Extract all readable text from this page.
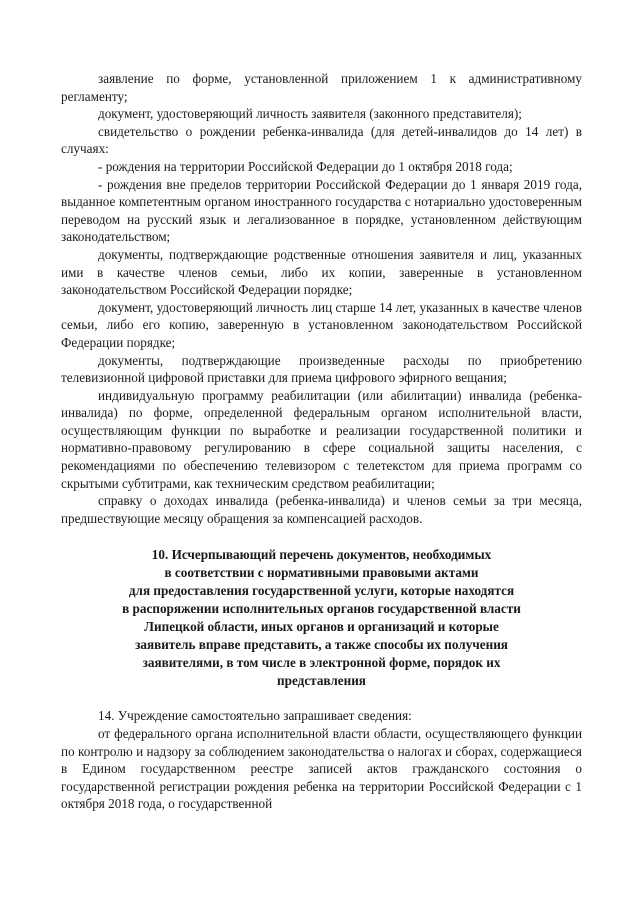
заявление по форме, установленной приложением 1 к административному регламенту;

документ, удостоверяющий личность заявителя (законного представителя);

свидетельство о рождении ребенка-инвалида (для детей-инвалидов до 14 лет) в случаях:

- рождения на территории Российской Федерации до 1 октября 2018 года;

- рождения вне пределов территории Российской Федерации до 1 января 2019 года, выданное компетентным органом иностранного государства с нотариально удостоверенным переводом на русский язык и легализованное в порядке, установленном действующим законодательством;

документы, подтверждающие родственные отношения заявителя и лиц, указанных ими в качестве членов семьи, либо их копии, заверенные в установленном законодательством Российской Федерации порядке;

документ, удостоверяющий личность лиц старше 14 лет, указанных в качестве членов семьи, либо его копию, заверенную в установленном законодательством Российской Федерации порядке;

документы, подтверждающие произведенные расходы по приобретению телевизионной цифровой приставки для приема цифрового эфирного вещания;

индивидуальную программу реабилитации (или абилитации) инвалида (ребенка-инвалида) по форме, определенной федеральным органом исполнительной власти, осуществляющим функции по выработке и реализации государственной политики и нормативно-правовому регулированию в сфере социальной защиты населения, с рекомендациями по обеспечению телевизором с телетекстом для приема программ со скрытыми субтитрами, как техническим средством реабилитации;

справку о доходах инвалида (ребенка-инвалида) и членов семьи за три месяца, предшествующие месяцу обращения за компенсацией расходов.

10. Исчерпывающий перечень документов, необходимых
в соответствии с нормативными правовыми актами
для предоставления государственной услуги, которые находятся
в распоряжении исполнительных органов государственной власти
Липецкой области, иных органов и организаций и которые
заявитель вправе представить, а также способы их получения
заявителями, в том числе в электронной форме, порядок их
представления

14. Учреждение самостоятельно запрашивает сведения:

от федерального органа исполнительной власти области, осуществляющего функции по контролю и надзору за соблюдением законодательства о налогах и сборах, содержащиеся в Едином государственном реестре записей актов гражданского состояния о государственной регистрации рождения ребенка на территории Российской Федерации с 1 октября 2018 года, о государственной
